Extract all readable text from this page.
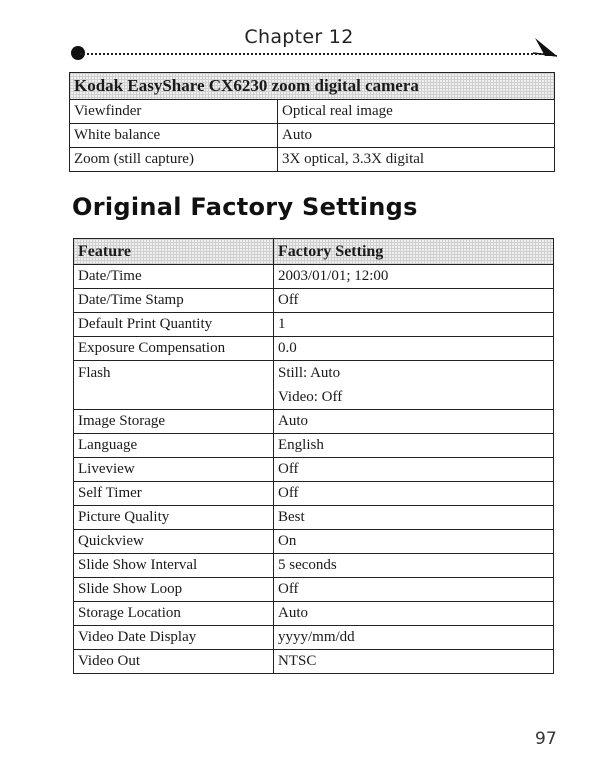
Chapter 12
Kodak EasyShare CX6230 zoom digital camera	
Viewfinder	Optical real image
White balance	Auto
Zoom (still capture)	3X optical, 3.3X digital
Original Factory Settings
Feature	Factory Setting
Date/Time	2003/01/01; 12:00
Date/Time Stamp	Off
Default Print Quantity	1
Exposure Compensation	0.0
Flash	Still: Auto
Video: Off

Image Storage	Auto
Language	English
Liveview	Off
Self Timer	Off
Picture Quality	Best
Quickview	On
Slide Show Interval	5 seconds
Slide Show Loop	Off
Storage Location	Auto
Video Date Display	yyyy/mm/dd
Video Out	NTSC
97
